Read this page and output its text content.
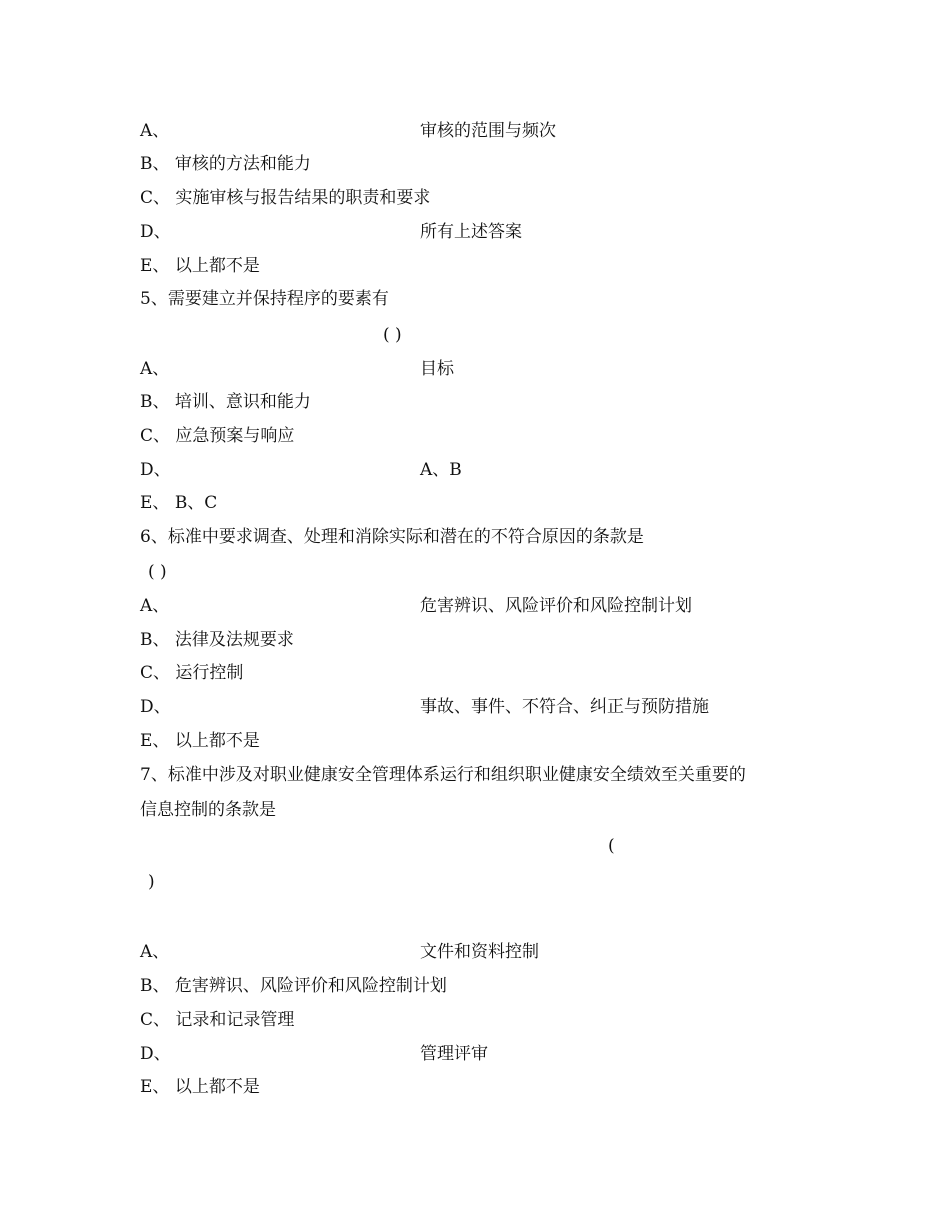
A、	审核的范围与频次
B、 审核的方法和能力
C、 实施审核与报告结果的职责和要求
D、	所有上述答案
E、 以上都不是
5、需要建立并保持程序的要素有
( )
A、	目标
B、 培训、意识和能力
C、 应急预案与响应
D、	A、B
E、 B、C
6、标准中要求调查、处理和消除实际和潜在的不符合原因的条款是
( )
A、	危害辨识、风险评价和风险控制计划
B、 法律及法规要求
C、 运行控制
D、	事故、事件、不符合、纠正与预防措施
E、 以上都不是
7、标准中涉及对职业健康安全管理体系运行和组织职业健康安全绩效至关重要的
信息控制的条款是
(
)
A、	文件和资料控制
B、 危害辨识、风险评价和风险控制计划
C、 记录和记录管理
D、	管理评审
E、 以上都不是
